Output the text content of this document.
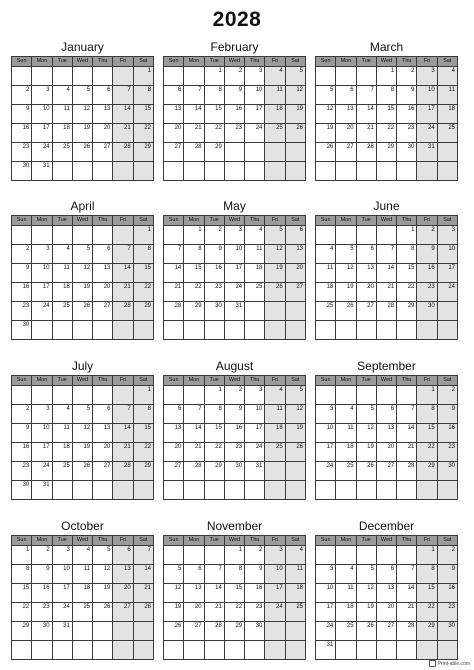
2028
January
Sun	Mon	Tue	Wed	Thu	Fri	Sat
						1
2	3	4	5	6	7	8
9	10	11	12	13	14	15
16	17	18	19	20	21	22
23	24	25	26	27	28	29
30	31					
February
Sun	Mon	Tue	Wed	Thu	Fri	Sat
		1	2	3	4	5
6	7	8	9	10	11	12
13	14	15	16	17	18	19
20	21	22	23	24	25	26
27	28	29				

March
Sun	Mon	Tue	Wed	Thu	Fri	Sat
			1	2	3	4
5	6	7	8	9	10	11
12	13	14	15	16	17	18
19	20	21	22	23	24	25
26	27	28	29	30	31	

April
Sun	Mon	Tue	Wed	Thu	Fri	Sat
						1
2	3	4	5	6	7	8
9	10	11	12	13	14	15
16	17	18	19	20	21	22
23	24	25	26	27	28	29
30						
May
Sun	Mon	Tue	Wed	Thu	Fri	Sat
	1	2	3	4	5	6
7	8	9	10	11	12	13
14	15	16	17	18	19	20
21	22	23	24	25	26	27
28	29	30	31			

June
Sun	Mon	Tue	Wed	Thu	Fri	Sat
				1	2	3
4	5	6	7	8	9	10
11	12	13	14	15	16	17
18	19	20	21	22	23	24
25	26	27	28	29	30	

July
Sun	Mon	Tue	Wed	Thu	Fri	Sat
						1
2	3	4	5	6	7	8
9	10	11	12	13	14	15
16	17	18	19	20	21	22
23	24	25	26	27	28	29
30	31					
August
Sun	Mon	Tue	Wed	Thu	Fri	Sat
		1	2	3	4	5
6	7	8	9	10	11	12
13	14	15	16	17	18	19
20	21	22	23	24	25	26
27	28	29	30	31		

September
Sun	Mon	Tue	Wed	Thu	Fri	Sat
					1	2
3	4	5	6	7	8	9
10	11	12	13	14	15	16
17	18	19	20	21	22	23
24	25	26	27	28	29	30

October
Sun	Mon	Tue	Wed	Thu	Fri	Sat
1	2	3	4	5	6	7
8	9	10	11	12	13	14
15	16	17	18	19	20	21
22	23	24	25	26	27	28
29	30	31				

November
Sun	Mon	Tue	Wed	Thu	Fri	Sat
			1	2	3	4
5	6	7	8	9	10	11
12	13	14	15	16	17	18
19	20	21	22	23	24	25
26	27	28	29	30		

December
Sun	Mon	Tue	Wed	Thu	Fri	Sat
					1	2
3	4	5	6	7	8	9
10	11	12	13	14	15	16
17	18	19	20	21	22	23
24	25	26	27	28	29	30
31						
Print-able.com
